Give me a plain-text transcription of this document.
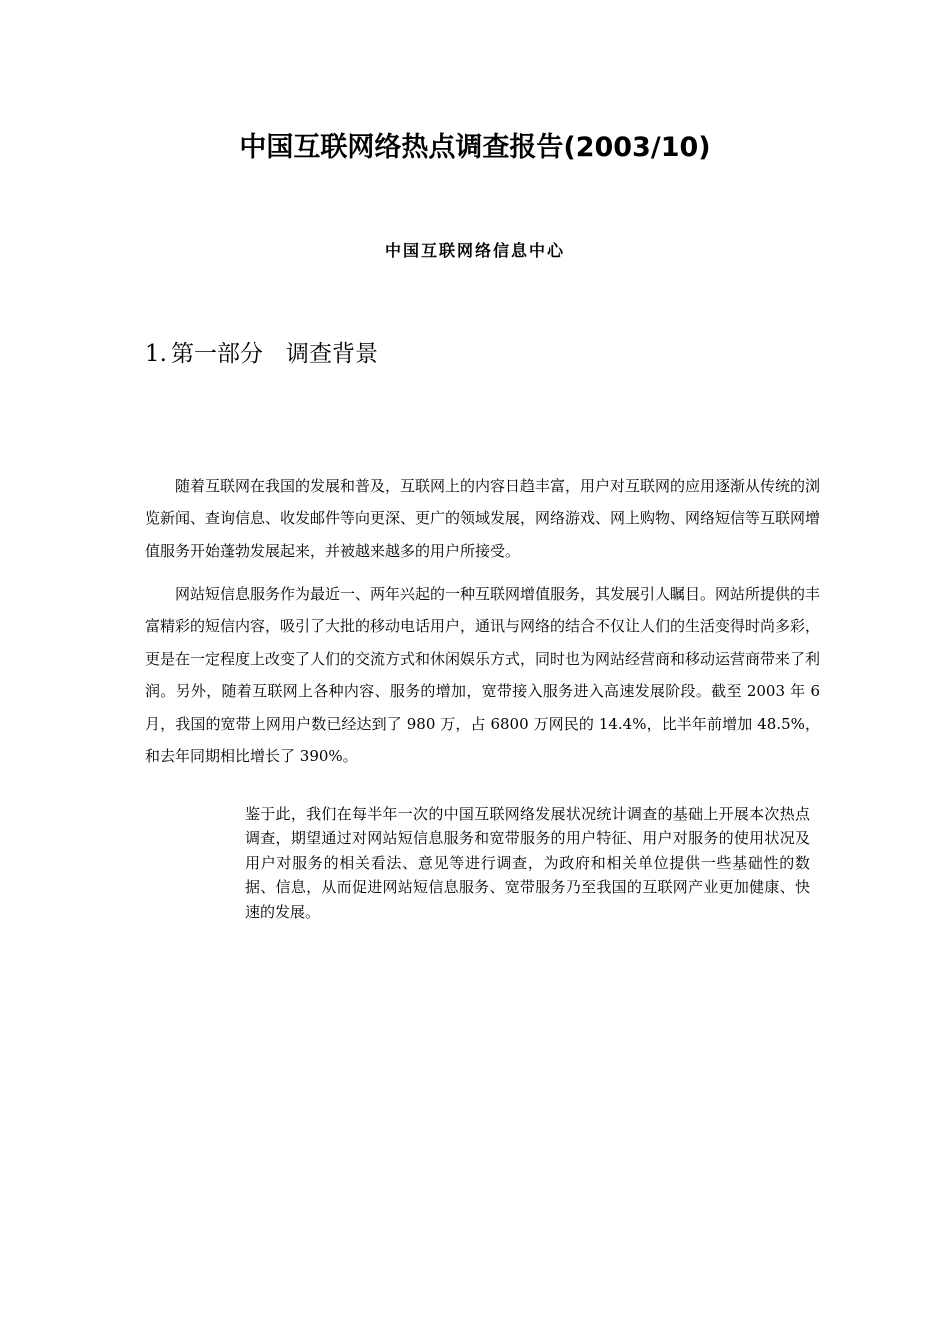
中国互联网络热点调查报告(2003/10)
中国互联网络信息中心
1. 第一部分　调查背景

随着互联网在我国的发展和普及，互联网上的内容日趋丰富，用户对互联网的应用逐渐从传统的浏览新闻、查询信息、收发邮件等向更深、更广的领域发展，网络游戏、网上购物、网络短信等互联网增值服务开始蓬勃发展起来，并被越来越多的用户所接受。

网站短信息服务作为最近一、两年兴起的一种互联网增值服务，其发展引人瞩目。网站所提供的丰富精彩的短信内容，吸引了大批的移动电话用户，通讯与网络的结合不仅让人们的生活变得时尚多彩，更是在一定程度上改变了人们的交流方式和休闲娱乐方式，同时也为网站经营商和移动运营商带来了利润。另外，随着互联网上各种内容、服务的增加，宽带接入服务进入高速发展阶段。截至 2003 年 6 月，我国的宽带上网用户数已经达到了 980 万，占 6800 万网民的 14.4%，比半年前增加 48.5%，和去年同期相比增长了 390%。

鉴于此，我们在每半年一次的中国互联网络发展状况统计调查的基础上开展本次热点调查，期望通过对网站短信息服务和宽带服务的用户特征、用户对服务的使用状况及用户对服务的相关看法、意见等进行调查，为政府和相关单位提供一些基础性的数据、信息，从而促进网站短信息服务、宽带服务乃至我国的互联网产业更加健康、快速的发展。
